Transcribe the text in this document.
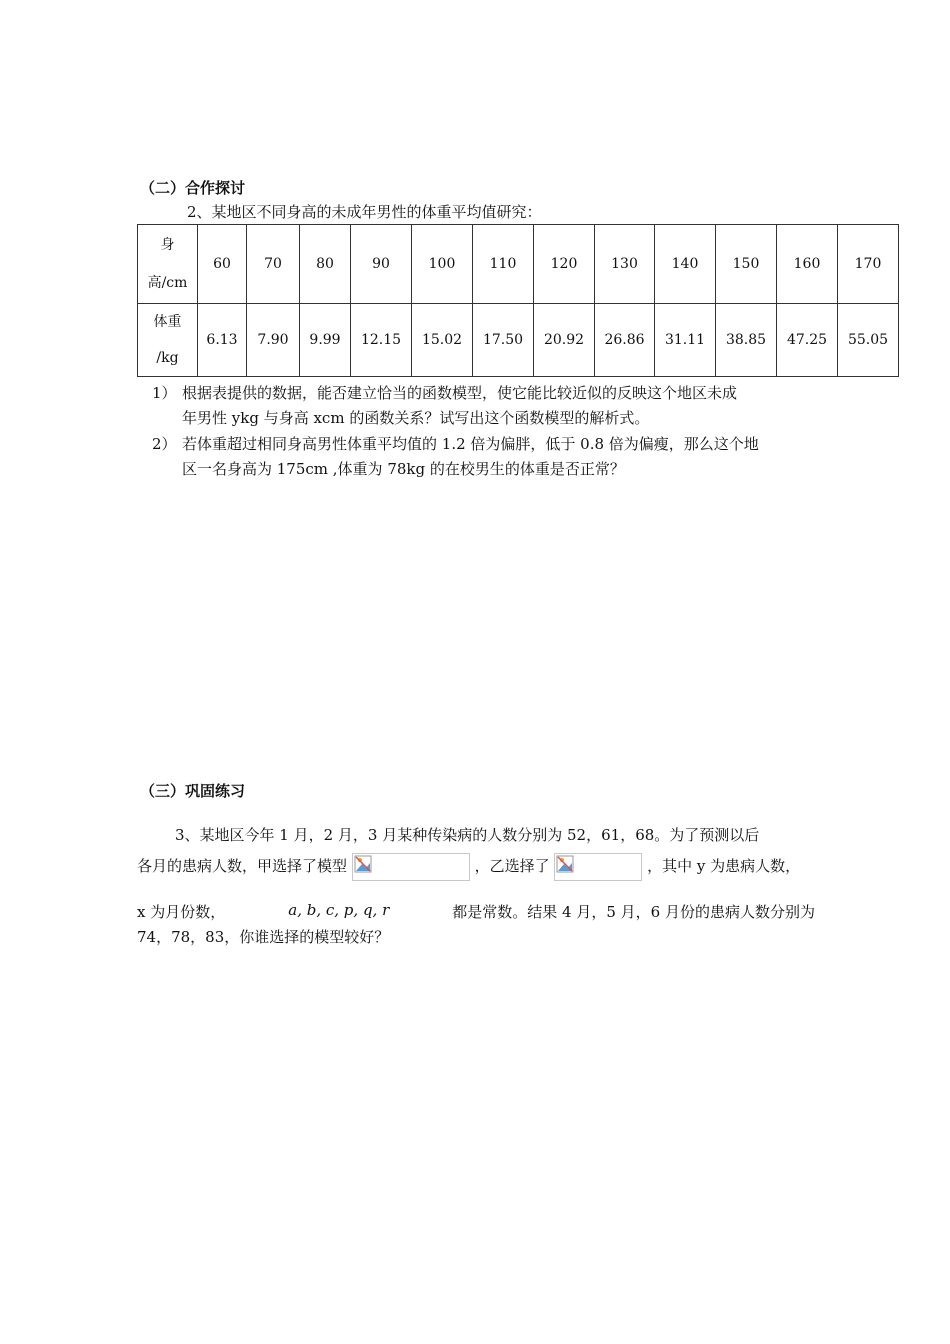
（二）合作探讨
2、某地区不同身高的未成年男性的体重平均值研究：
身
高/cm	60	70	80	90	100	110	120	130	140	150	160	170

体重
/kg	6.13	7.90	9.99	12.15	15.02	17.50	20.92	26.86	31.11	38.85	47.25	55.05
1） 根据表提供的数据，能否建立恰当的函数模型，使它能比较近似的反映这个地区未成
年男性 ykg 与身高 xcm 的函数关系？试写出这个函数模型的解析式。
2） 若体重超过相同身高男性体重平均值的 1.2 倍为偏胖，低于 0.8 倍为偏瘦，那么这个地
区一名身高为 175cm ,体重为 78kg 的在校男生的体重是否正常？
（三）巩固练习
3、某地区今年 1 月，2 月，3 月某种传染病的人数分别为 52，61，68。为了预测以后
各月的患病人数，甲选择了模型	，乙选择了	，其中 y 为患病人数，
x 为月份数，	a, b, c, p, q, r	都是常数。结果 4 月，5 月，6 月份的患病人数分别为
74，78，83，你谁选择的模型较好？
